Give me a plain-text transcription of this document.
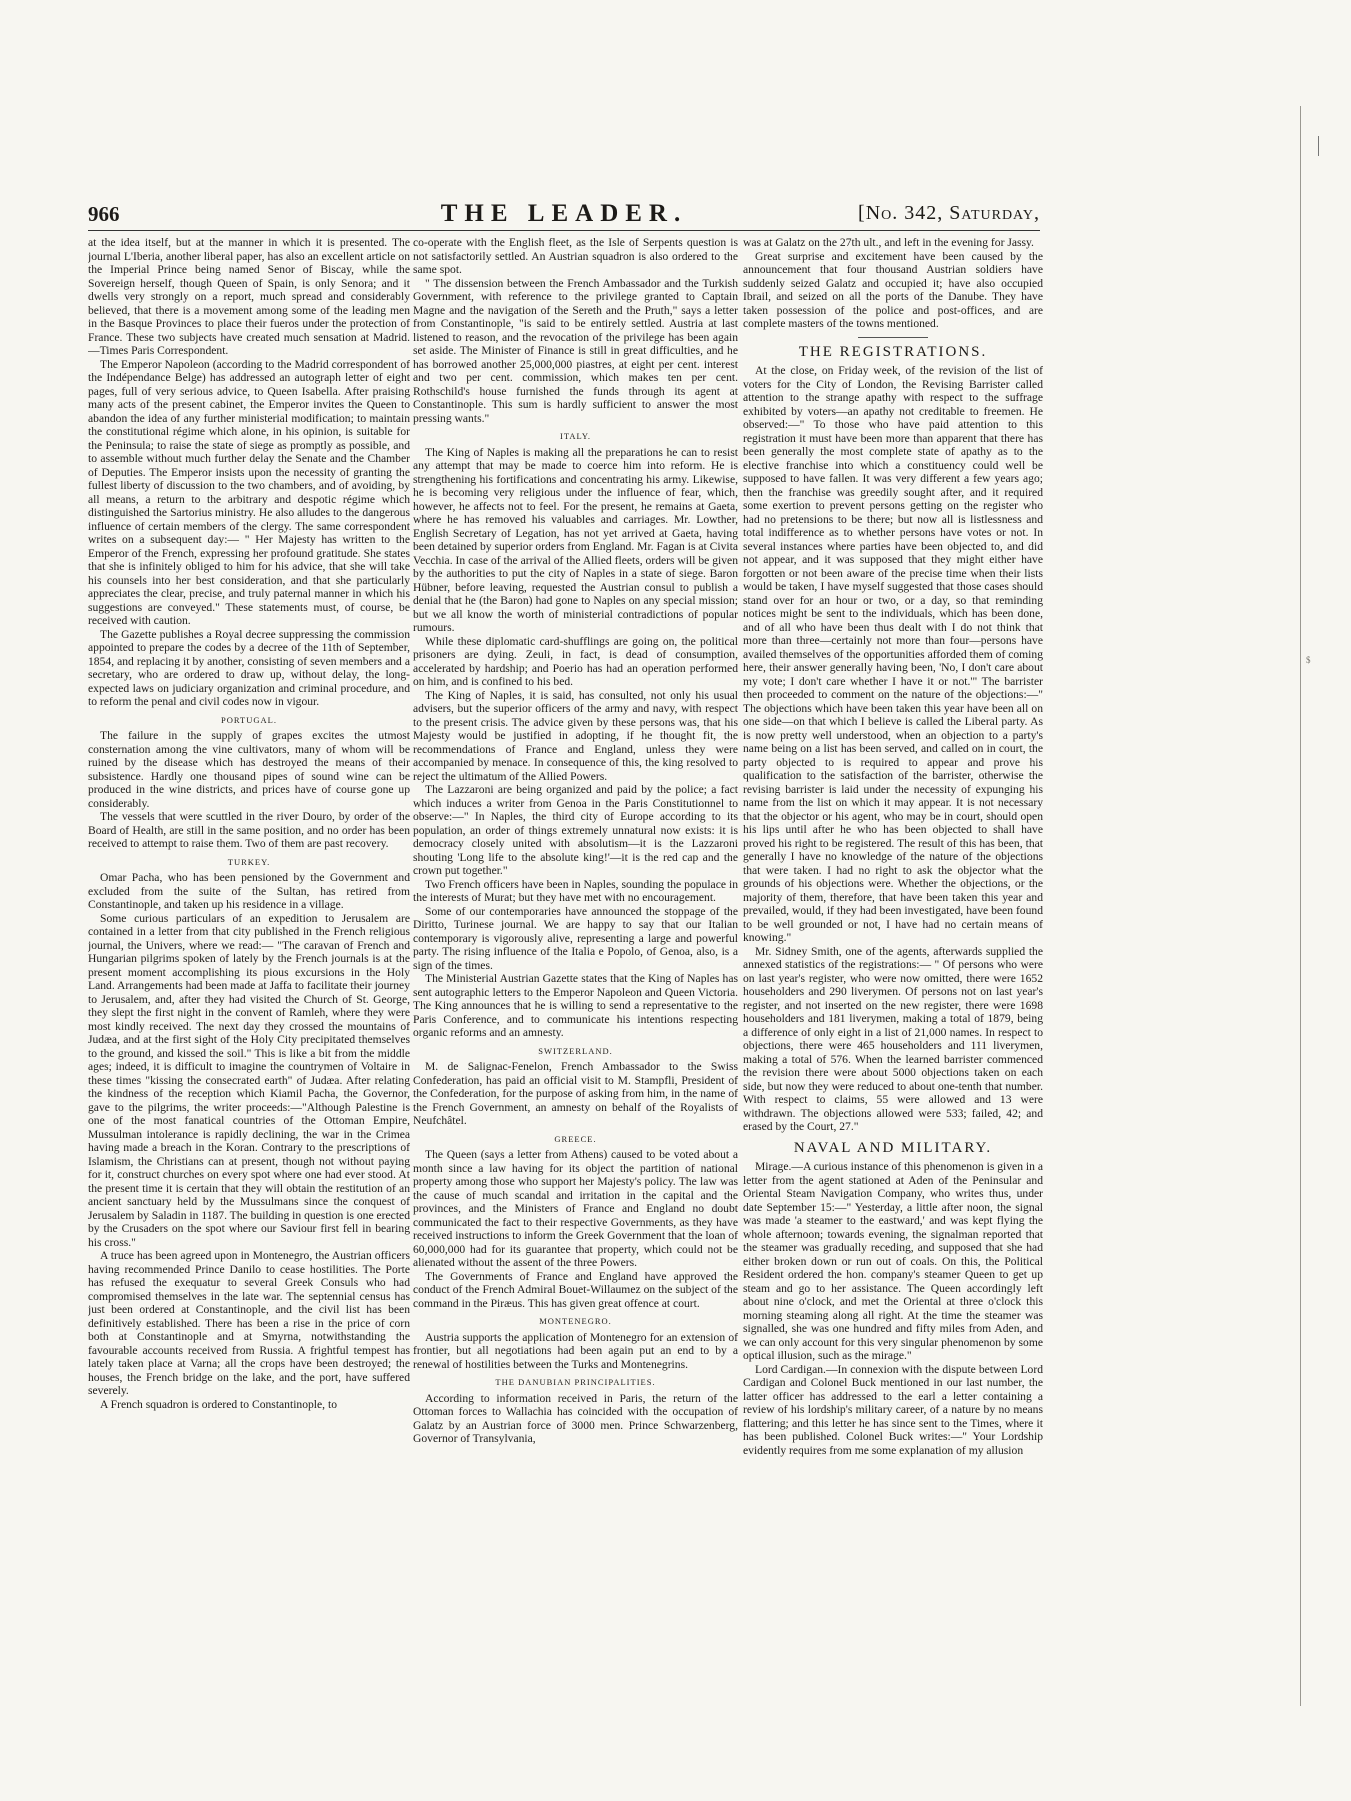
966	THE LEADER.	[No. 342, Saturday,

at the idea itself, but at the manner in which it is presented. The journal L'Iberia, another liberal paper, has also an excellent article on the Imperial Prince being named Senor of Biscay, while the Sovereign herself, though Queen of Spain, is only Senora; and it dwells very strongly on a report, much spread and considerably believed, that there is a movement among some of the leading men in the Basque Provinces to place their fueros under the protection of France. These two subjects have created much sensation at Madrid.—Times Paris Correspondent.

The Emperor Napoleon (according to the Madrid correspondent of the Indépendance Belge) has addressed an autograph letter of eight pages, full of very serious advice, to Queen Isabella. After praising many acts of the present cabinet, the Emperor invites the Queen to abandon the idea of any further ministerial modification; to maintain the constitutional régime which alone, in his opinion, is suitable for the Peninsula; to raise the state of siege as promptly as possible, and to assemble without much further delay the Senate and the Chamber of Deputies. The Emperor insists upon the necessity of granting the fullest liberty of discussion to the two chambers, and of avoiding, by all means, a return to the arbitrary and despotic régime which distinguished the Sartorius ministry. He also alludes to the dangerous influence of certain members of the clergy. The same correspondent writes on a subsequent day:— " Her Majesty has written to the Emperor of the French, expressing her profound gratitude. She states that she is infinitely obliged to him for his advice, that she will take his counsels into her best consideration, and that she particularly appreciates the clear, precise, and truly paternal manner in which his suggestions are conveyed." These statements must, of course, be received with caution.

The Gazette publishes a Royal decree suppressing the commission appointed to prepare the codes by a decree of the 11th of September, 1854, and replacing it by another, consisting of seven members and a secretary, who are ordered to draw up, without delay, the long-expected laws on judiciary organization and criminal procedure, and to reform the penal and civil codes now in vigour.

PORTUGAL.

The failure in the supply of grapes excites the utmost consternation among the vine cultivators, many of whom will be ruined by the disease which has destroyed the means of their subsistence. Hardly one thousand pipes of sound wine can be produced in the wine districts, and prices have of course gone up considerably.

The vessels that were scuttled in the river Douro, by order of the Board of Health, are still in the same position, and no order has been received to attempt to raise them. Two of them are past recovery.

TURKEY.

Omar Pacha, who has been pensioned by the Government and excluded from the suite of the Sultan, has retired from Constantinople, and taken up his residence in a village.

Some curious particulars of an expedition to Jerusalem are contained in a letter from that city published in the French religious journal, the Univers, where we read:— "The caravan of French and Hungarian pilgrims spoken of lately by the French journals is at the present moment accomplishing its pious excursions in the Holy Land. Arrangements had been made at Jaffa to facilitate their journey to Jerusalem, and, after they had visited the Church of St. George, they slept the first night in the convent of Ramleh, where they were most kindly received. The next day they crossed the mountains of Judæa, and at the first sight of the Holy City precipitated themselves to the ground, and kissed the soil." This is like a bit from the middle ages; indeed, it is difficult to imagine the countrymen of Voltaire in these times "kissing the consecrated earth" of Judæa. After relating the kindness of the reception which Kiamil Pacha, the Governor, gave to the pilgrims, the writer proceeds:—"Although Palestine is one of the most fanatical countries of the Ottoman Empire, Mussulman intolerance is rapidly declining, the war in the Crimea having made a breach in the Koran. Contrary to the prescriptions of Islamism, the Christians can at present, though not without paying for it, construct churches on every spot where one had ever stood. At the present time it is certain that they will obtain the restitution of an ancient sanctuary held by the Mussulmans since the conquest of Jerusalem by Saladin in 1187. The building in question is one erected by the Crusaders on the spot where our Saviour first fell in bearing his cross."

A truce has been agreed upon in Montenegro, the Austrian officers having recommended Prince Danilo to cease hostilities. The Porte has refused the exequatur to several Greek Consuls who had compromised themselves in the late war. The septennial census has just been ordered at Constantinople, and the civil list has been definitively established. There has been a rise in the price of corn both at Constantinople and at Smyrna, notwithstanding the favourable accounts received from Russia. A frightful tempest has lately taken place at Varna; all the crops have been destroyed; the houses, the French bridge on the lake, and the port, have suffered severely.

A French squadron is ordered to Constantinople, to

co-operate with the English fleet, as the Isle of Serpents question is not satisfactorily settled. An Austrian squadron is also ordered to the same spot.

" The dissension between the French Ambassador and the Turkish Government, with reference to the privilege granted to Captain Magne and the navigation of the Sereth and the Pruth," says a letter from Constantinople, "is said to be entirely settled. Austria at last listened to reason, and the revocation of the privilege has been again set aside. The Minister of Finance is still in great difficulties, and he has borrowed another 25,000,000 piastres, at eight per cent. interest and two per cent. commission, which makes ten per cent. Rothschild's house furnished the funds through its agent at Constantinople. This sum is hardly sufficient to answer the most pressing wants."

ITALY.

The King of Naples is making all the preparations he can to resist any attempt that may be made to coerce him into reform. He is strengthening his fortifications and concentrating his army. Likewise, he is becoming very religious under the influence of fear, which, however, he affects not to feel. For the present, he remains at Gaeta, where he has removed his valuables and carriages. Mr. Lowther, English Secretary of Legation, has not yet arrived at Gaeta, having been detained by superior orders from England. Mr. Fagan is at Civita Vecchia. In case of the arrival of the Allied fleets, orders will be given by the authorities to put the city of Naples in a state of siege. Baron Hübner, before leaving, requested the Austrian consul to publish a denial that he (the Baron) had gone to Naples on any special mission; but we all know the worth of ministerial contradictions of popular rumours.

While these diplomatic card-shufflings are going on, the political prisoners are dying. Zeuli, in fact, is dead of consumption, accelerated by hardship; and Poerio has had an operation performed on him, and is confined to his bed.

The King of Naples, it is said, has consulted, not only his usual advisers, but the superior officers of the army and navy, with respect to the present crisis. The advice given by these persons was, that his Majesty would be justified in adopting, if he thought fit, the recommendations of France and England, unless they were accompanied by menace. In consequence of this, the king resolved to reject the ultimatum of the Allied Powers.

The Lazzaroni are being organized and paid by the police; a fact which induces a writer from Genoa in the Paris Constitutionnel to observe:—" In Naples, the third city of Europe according to its population, an order of things extremely unnatural now exists: it is democracy closely united with absolutism—it is the Lazzaroni shouting 'Long life to the absolute king!'—it is the red cap and the crown put together."

Two French officers have been in Naples, sounding the populace in the interests of Murat; but they have met with no encouragement.

Some of our contemporaries have announced the stoppage of the Diritto, Turinese journal. We are happy to say that our Italian contemporary is vigorously alive, representing a large and powerful party. The rising influence of the Italia e Popolo, of Genoa, also, is a sign of the times.

The Ministerial Austrian Gazette states that the King of Naples has sent autographic letters to the Emperor Napoleon and Queen Victoria. The King announces that he is willing to send a representative to the Paris Conference, and to communicate his intentions respecting organic reforms and an amnesty.

SWITZERLAND.

M. de Salignac-Fenelon, French Ambassador to the Swiss Confederation, has paid an official visit to M. Stampfli, President of the Confederation, for the purpose of asking from him, in the name of the French Government, an amnesty on behalf of the Royalists of Neufchâtel.

GREECE.

The Queen (says a letter from Athens) caused to be voted about a month since a law having for its object the partition of national property among those who support her Majesty's policy. The law was the cause of much scandal and irritation in the capital and the provinces, and the Ministers of France and England no doubt communicated the fact to their respective Governments, as they have received instructions to inform the Greek Government that the loan of 60,000,000 had for its guarantee that property, which could not be alienated without the assent of the three Powers.

The Governments of France and England have approved the conduct of the French Admiral Bouet-Willaumez on the subject of the command in the Piræus. This has given great offence at court.

MONTENEGRO.

Austria supports the application of Montenegro for an extension of frontier, but all negotiations had been again put an end to by a renewal of hostilities between the Turks and Montenegrins.

THE DANUBIAN PRINCIPALITIES.

According to information received in Paris, the return of the Ottoman forces to Wallachia has coincided with the occupation of Galatz by an Austrian force of 3000 men. Prince Schwarzenberg, Governor of Transylvania,

was at Galatz on the 27th ult., and left in the evening for Jassy.

Great surprise and excitement have been caused by the announcement that four thousand Austrian soldiers have suddenly seized Galatz and occupied it; have also occupied Ibrail, and seized on all the ports of the Danube. They have taken possession of the police and post-offices, and are complete masters of the towns mentioned.

THE REGISTRATIONS.

At the close, on Friday week, of the revision of the list of voters for the City of London, the Revising Barrister called attention to the strange apathy with respect to the suffrage exhibited by voters—an apathy not creditable to freemen. He observed:—" To those who have paid attention to this registration it must have been more than apparent that there has been generally the most complete state of apathy as to the elective franchise into which a constituency could well be supposed to have fallen. It was very different a few years ago; then the franchise was greedily sought after, and it required some exertion to prevent persons getting on the register who had no pretensions to be there; but now all is listlessness and total indifference as to whether persons have votes or not. In several instances where parties have been objected to, and did not appear, and it was supposed that they might either have forgotten or not been aware of the precise time when their lists would be taken, I have myself suggested that those cases should stand over for an hour or two, or a day, so that reminding notices might be sent to the individuals, which has been done, and of all who have been thus dealt with I do not think that more than three—certainly not more than four—persons have availed themselves of the opportunities afforded them of coming here, their answer generally having been, 'No, I don't care about my vote; I don't care whether I have it or not.'" The barrister then proceeded to comment on the nature of the objections:—" The objections which have been taken this year have been all on one side—on that which I believe is called the Liberal party. As is now pretty well understood, when an objection to a party's name being on a list has been served, and called on in court, the party objected to is required to appear and prove his qualification to the satisfaction of the barrister, otherwise the revising barrister is laid under the necessity of expunging his name from the list on which it may appear. It is not necessary that the objector or his agent, who may be in court, should open his lips until after he who has been objected to shall have proved his right to be registered. The result of this has been, that generally I have no knowledge of the nature of the objections that were taken. I had no right to ask the objector what the grounds of his objections were. Whether the objections, or the majority of them, therefore, that have been taken this year and prevailed, would, if they had been investigated, have been found to be well grounded or not, I have had no certain means of knowing."

Mr. Sidney Smith, one of the agents, afterwards supplied the annexed statistics of the registrations:— " Of persons who were on last year's register, who were now omitted, there were 1652 householders and 290 liverymen. Of persons not on last year's register, and not inserted on the new register, there were 1698 householders and 181 liverymen, making a total of 1879, being a difference of only eight in a list of 21,000 names. In respect to objections, there were 465 householders and 111 liverymen, making a total of 576. When the learned barrister commenced the revision there were about 5000 objections taken on each side, but now they were reduced to about one-tenth that number. With respect to claims, 55 were allowed and 13 were withdrawn. The objections allowed were 533; failed, 42; and erased by the Court, 27."

NAVAL AND MILITARY.

Mirage.—A curious instance of this phenomenon is given in a letter from the agent stationed at Aden of the Peninsular and Oriental Steam Navigation Company, who writes thus, under date September 15:—" Yesterday, a little after noon, the signal was made 'a steamer to the eastward,' and was kept flying the whole afternoon; towards evening, the signalman reported that the steamer was gradually receding, and supposed that she had either broken down or run out of coals. On this, the Political Resident ordered the hon. company's steamer Queen to get up steam and go to her assistance. The Queen accordingly left about nine o'clock, and met the Oriental at three o'clock this morning steaming along all right. At the time the steamer was signalled, she was one hundred and fifty miles from Aden, and we can only account for this very singular phenomenon by some optical illusion, such as the mirage."

Lord Cardigan.—In connexion with the dispute between Lord Cardigan and Colonel Buck mentioned in our last number, the latter officer has addressed to the earl a letter containing a review of his lordship's military career, of a nature by no means flattering; and this letter he has since sent to the Times, where it has been published. Colonel Buck writes:—" Your Lordship evidently requires from me some explanation of my allusion

$
